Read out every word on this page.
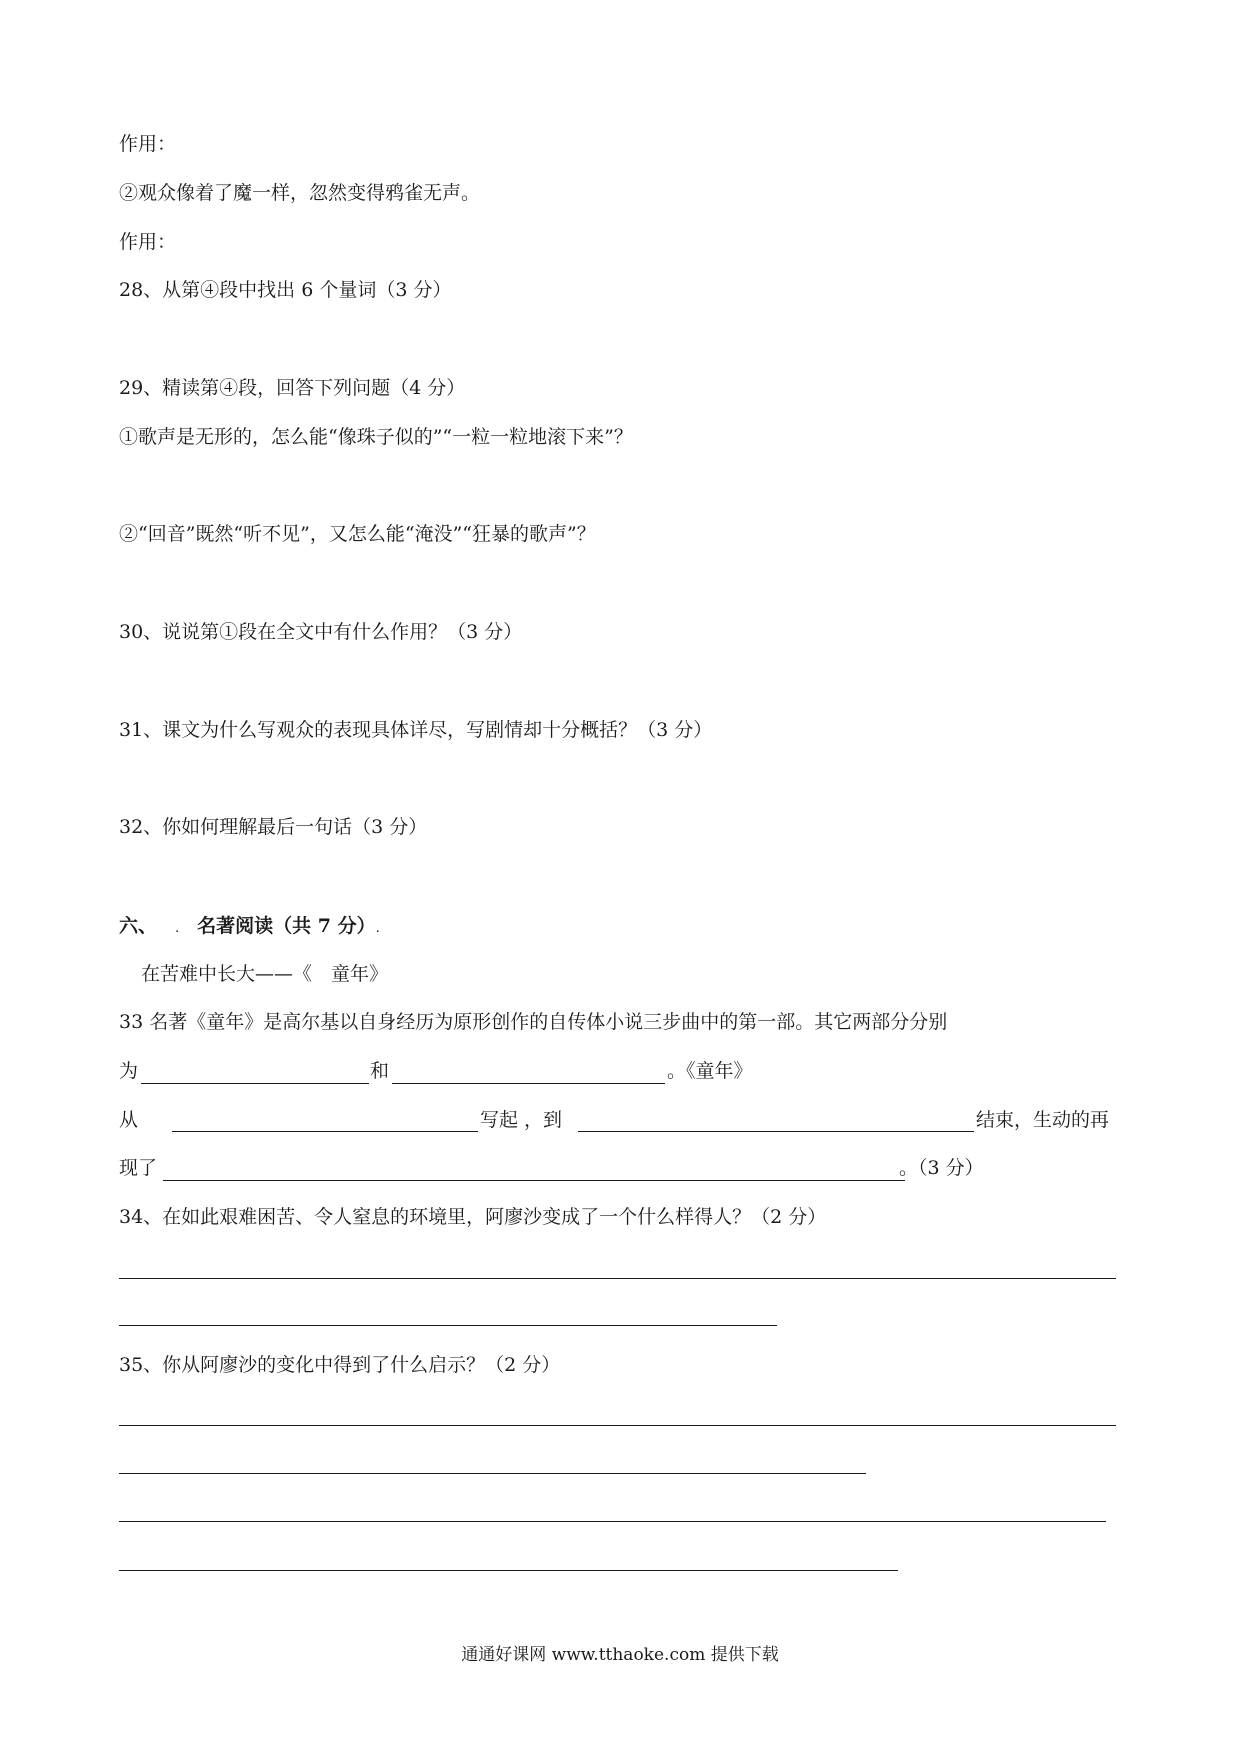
作用：
②观众像着了魔一样，忽然变得鸦雀无声。
作用：
28、从第④段中找出 6 个量词（3 分）
29、精读第④段，回答下列问题（4 分）
①歌声是无形的，怎么能“像珠子似的”“一粒一粒地滚下来”？
②“回音”既然“听不见”，又怎么能“淹没”“狂暴的歌声”？
30、说说第①段在全文中有什么作用？（3 分）
31、课文为什么写观众的表现具体详尽，写剧情却十分概括？（3 分）
32、你如何理解最后一句话（3 分）
六、 . 名著阅读（共 7 分）.
在苦难中长大——《　童年》
33 名著《童年》是高尔基以自身经历为原形创作的自传体小说三步曲中的第一部。其它两部分分别
为	和	。《童年》
从	写起 ，到	结束，生动的再
现了	。（3 分）
34、在如此艰难困苦、令人窒息的环境里，阿廖沙变成了一个什么样得人？（2 分）
35、你从阿廖沙的变化中得到了什么启示？（2 分）
通通好课网 www.tthaoke.com 提供下载
